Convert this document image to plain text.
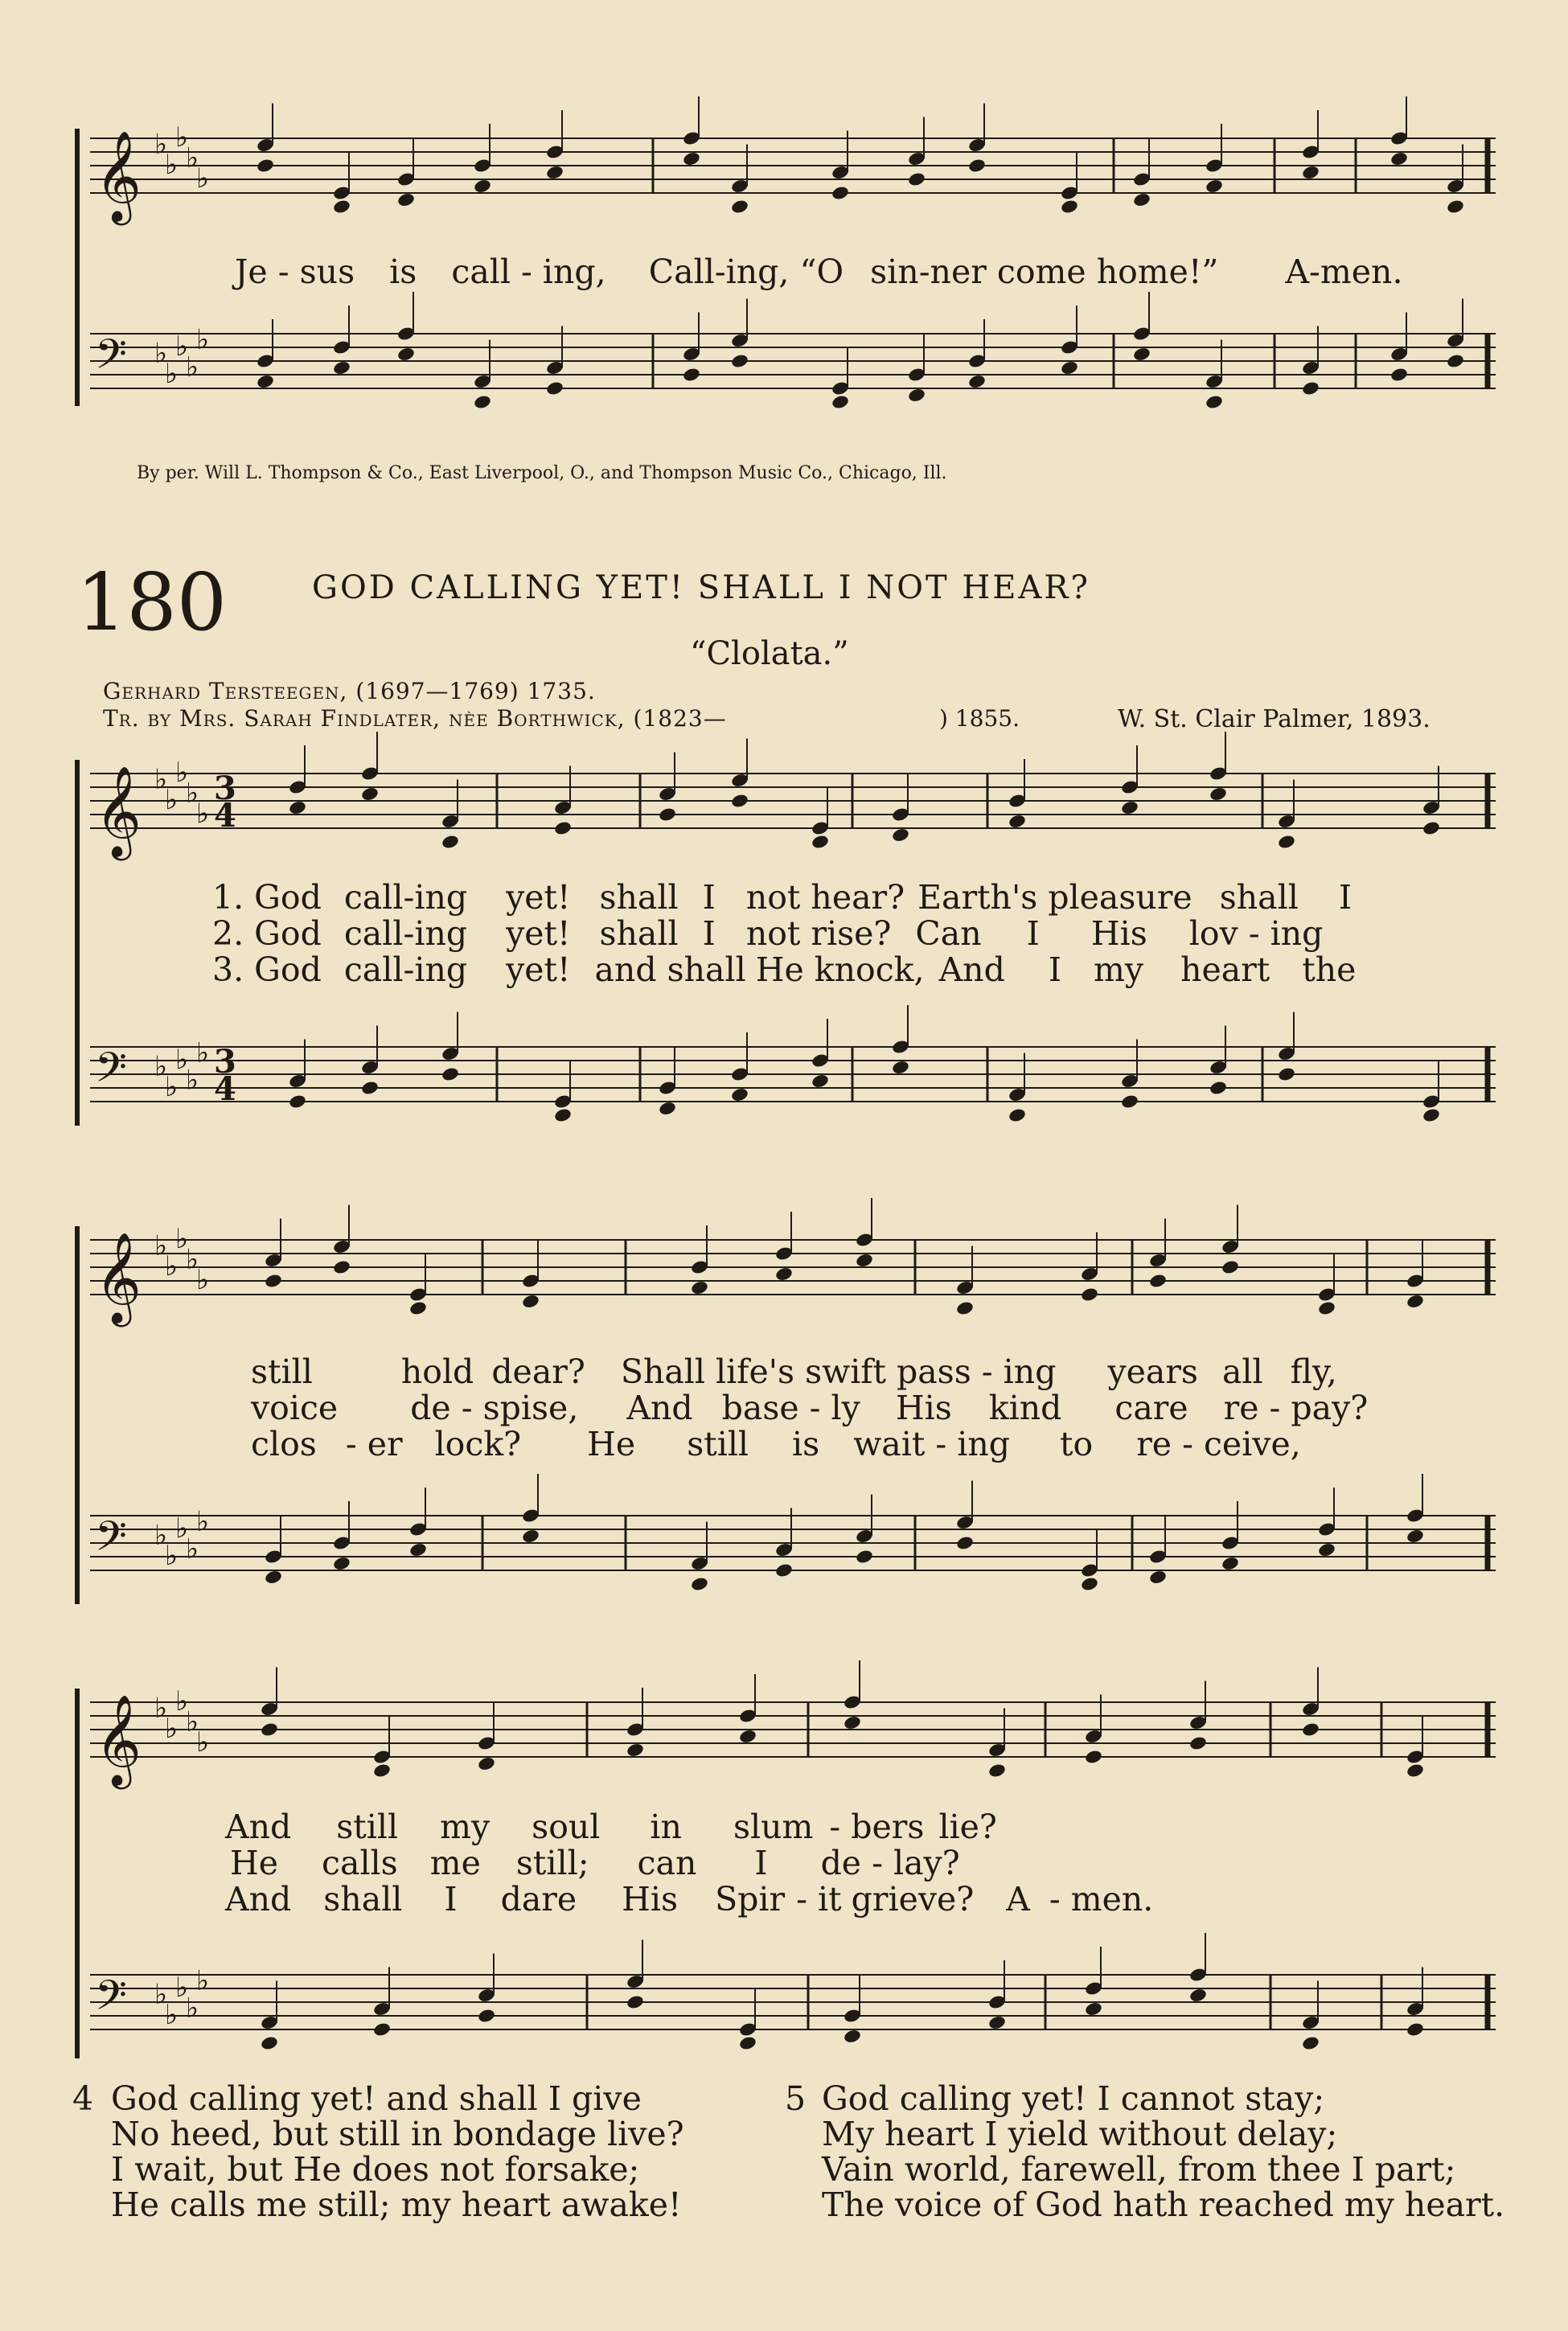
𝄞 ♭
♭
♭
♭
♭
𝄢 ♭
♭
♭
♭
♭
𝄞 ♭
♭
♭
♭
♭
3
4
𝄢 ♭
♭
♭
♭
♭ 3
4
𝄞 ♭
♭
♭
♭
♭
𝄢 ♭
♭
♭
♭
♭
𝄞 ♭
♭
♭
♭
♭
𝄢 ♭
♭
♭
♭
♭
Je - sus is call - ing, Call-ing, “O sin-ner come home!” A-men.
By per. Will L. Thompson & Co., East Liverpool, O., and Thompson Music Co., Chicago, Ill.
180	GOD CALLING YET! SHALL I NOT HEAR?
“Clolata.”
Gerhard Tersteegen, (1697—1769) 1735.
Tr. by Mrs. Sarah Findlater, nèe Borthwick, (1823—	) 1855.	W. St. Clair Palmer, 1893.
1. God call-ing yet! shall I not hear? Earth's pleasure shall I
2. God call-ing yet! shall I not rise? Can I His lov - ing
3. God call-ing yet! and shall He knock, And I my heart the
still	hold dear? Shall life's swift pass - ing years all fly,
voice de - spise, And base - ly His kind care re - pay?
clos - er lock? He still is wait - ing to re - ceive,
And still my soul in slum - bers lie?
He calls me still; can I de - lay?
And shall I dare His Spir - it grieve? A - men.
4 God calling yet! and shall I give
No heed, but still in bondage live?
I wait, but He does not forsake;
He calls me still; my heart awake!
5 God calling yet! I cannot stay;
My heart I yield without delay;
Vain world, farewell, from thee I part;
The voice of God hath reached my heart.
